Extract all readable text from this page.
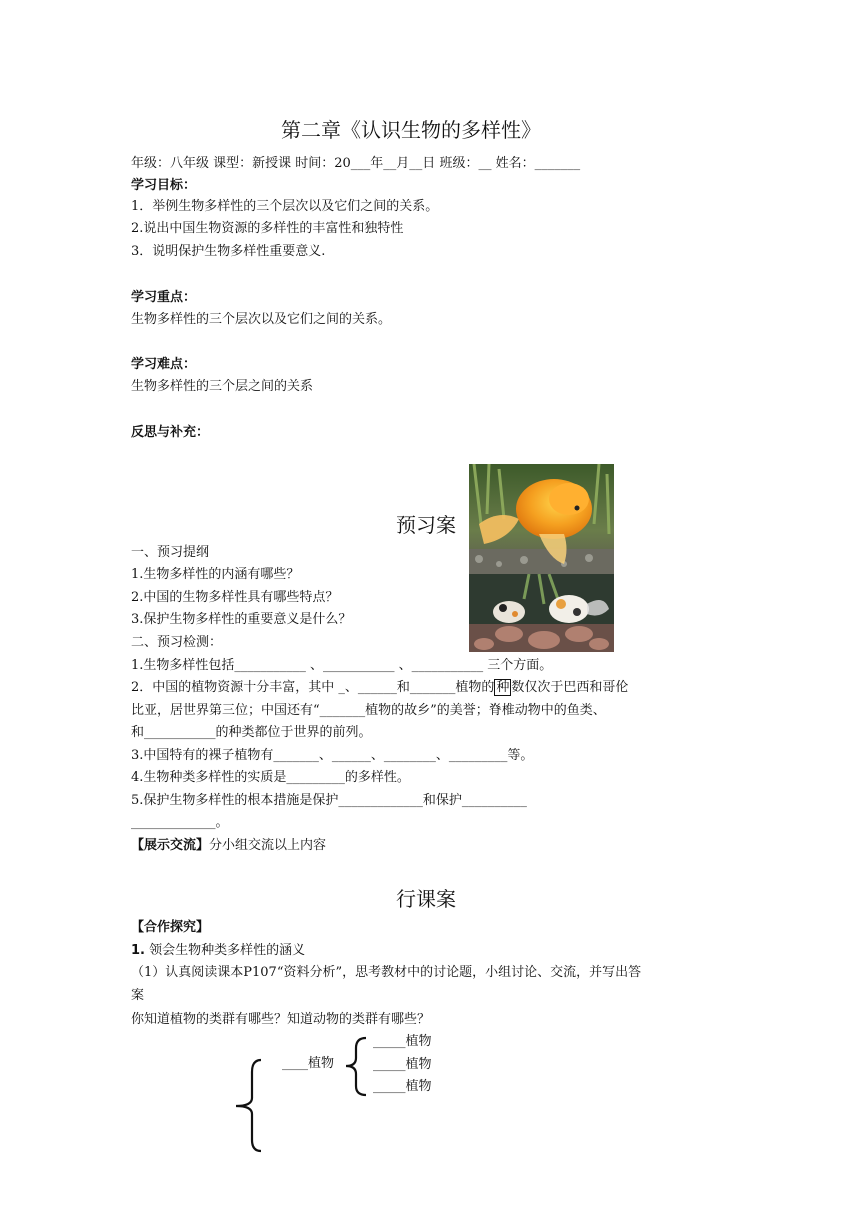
第二章《认识生物的多样性》
年级：八年级 课型：新授课 时间：20___年__月__日 班级：__ 姓名：_______
学习目标：
1．举例生物多样性的三个层次以及它们之间的关系。
2.说出中国生物资源的多样性的丰富性和独特性
3．说明保护生物多样性重要意义.
学习重点：
生物多样性的三个层次以及它们之间的关系。
学习难点：
生物多样性的三个层之间的关系
反思与补充：
预习案
一、预习提纲
1.生物多样性的内涵有哪些？
2.中国的生物多样性具有哪些特点？
3.保护生物多样性的重要意义是什么？
二、预习检测：
1.生物多样性包括___________ 、___________ 、___________ 三个方面。
2．中国的植物资源十分丰富，其中 _、______和_______植物的 种 数仅次于巴西和哥伦
比亚，居世界第三位；中国还有“_______植物的故乡”的美誉；脊椎动物中的鱼类、
和___________的种类都位于世界的前列。
3.中国特有的裸子植物有_______、______、________、_________等。
4.生物种类多样性的实质是_________的多样性。
5.保护生物多样性的根本措施是保护_____________和保护__________
_____________。
【展示交流】分小组交流以上内容
行课案
【合作探究】
1. 领会生物种类多样性的涵义
（1）认真阅读课本P107“资料分析”，思考教材中的讨论题，小组讨论、交流，并写出答
案
你知道植物的类群有哪些？知道动物的类群有哪些？
____植物
_____植物
_____植物
_____植物
